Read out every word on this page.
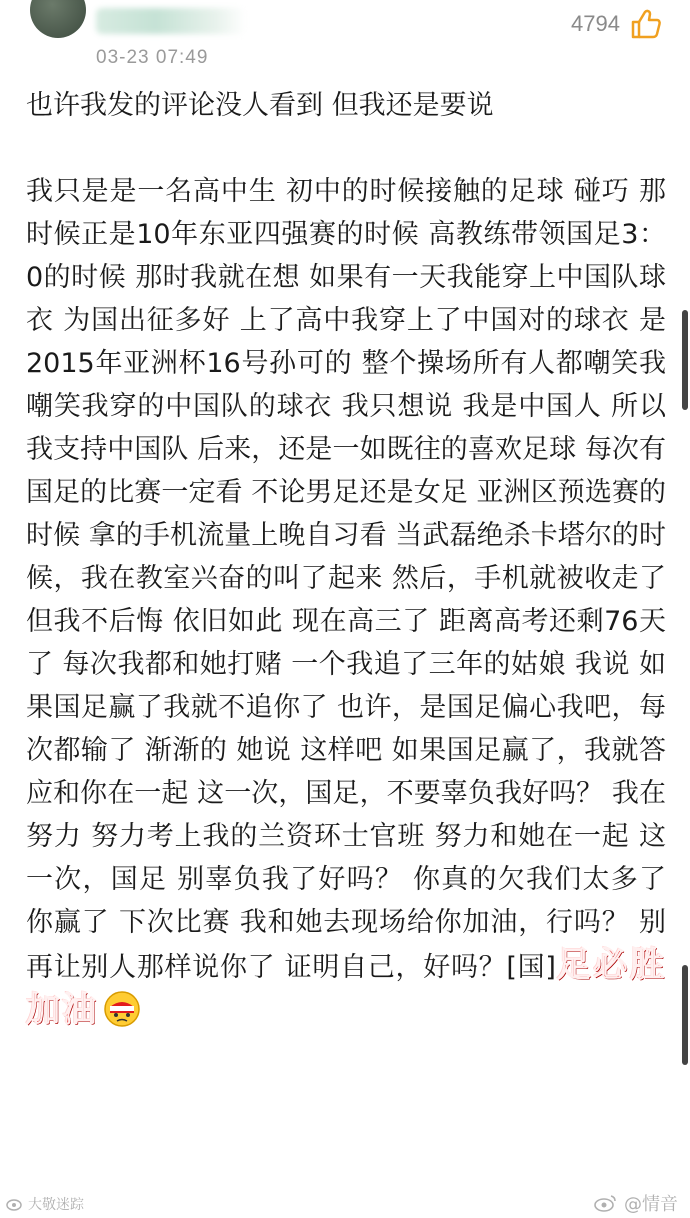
03-23 07:49
4794

也许我发的评论没人看到 但我还是要说

我只是是一名高中生 初中的时候接触的足球 碰巧 那时候正是10年东亚四强赛的时候 高教练带领国足3：0的时候 那时我就在想 如果有一天我能穿上中国队球衣 为国出征多好 上了高中我穿上了中国对的球衣 是2015年亚洲杯16号孙可的 整个操场所有人都嘲笑我 嘲笑我穿的中国队的球衣 我只想说 我是中国人 所以 我支持中国队 后来，还是一如既往的喜欢足球 每次有国足的比赛一定看 不论男足还是女足 亚洲区预选赛的时候 拿的手机流量上晚自习看 当武磊绝杀卡塔尔的时候，我在教室兴奋的叫了起来 然后，手机就被收走了 但我不后悔 依旧如此 现在高三了 距离高考还剩76天了 每次我都和她打赌 一个我追了三年的姑娘 我说 如果国足赢了我就不追你了 也许，是国足偏心我吧，每次都输了 渐渐的 她说 这样吧 如果国足赢了，我就答应和你在一起 这一次，国足，不要辜负我好吗？ 我在努力 努力考上我的兰资环士官班 努力和她在一起 这一次，国足 别辜负我了好吗？ 你真的欠我们太多了 你赢了 下次比赛 我和她去现场给你加油，行吗？ 别再让别人那样说你了 证明自己，好吗？[国]足必胜加油

大敬迷踪	@情音
